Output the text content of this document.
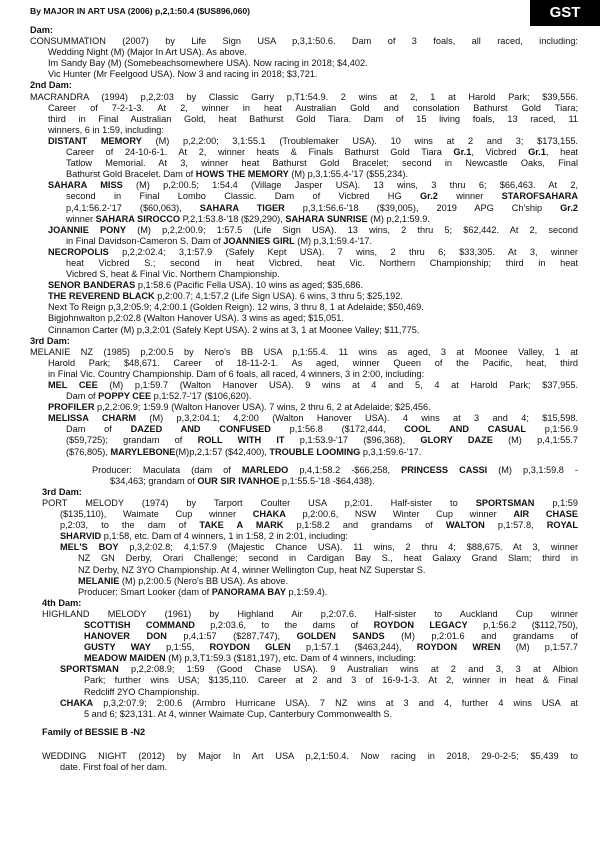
By MAJOR IN ART USA (2006) p,2,1:50.4 ($US896,060)	GST
Dam:
CONSUMMATION (2007) by Life Sign USA p,3,1:50.6. Dam of 3 foals, all raced, including:
Wedding Night (M) (Major In Art USA). As above.
Im Sandy Bay (M) (Somebeachsomewhere USA). Now racing in 2018; $4,402.
Vic Hunter (Mr Feelgood USA). Now 3 and racing in 2018; $3,721.
2nd Dam:
MACRANDRA (1994) p,2,2:03 by Classic Garry p,T1:54.9. 2 wins at 2, 1 at Harold Park; $39,556.
Career of 7-2-1-3. At 2, winner in heat Australian Gold and consolation Bathurst Gold Tiara;
third in Final Australian Gold, heat Bathurst Gold Tiara. Dam of 15 living foals, 13 raced, 11
winners, 6 in 1:59, including:
DISTANT MEMORY (M) p,2,2:00; 3,1:55.1 (Troublemaker USA). 10 wins at 2 and 3; $173,155.
Career of 24-10-6-1. At 2, winner heats & Finals Bathurst Gold Tiara Gr.1, Vicbred Gr.1, heat
Tatlow Memorial. At 3, winner heat Bathurst Gold Bracelet; second in Newcastle Oaks, Final
Bathurst Gold Bracelet. Dam of HOWS THE MEMORY (M) p,3,1:55.4-'17 ($55,234).
SAHARA MISS (M) p,2:00.5; 1:54.4 (Village Jasper USA). 13 wins, 3 thru 6; $66,463. At 2,
second in Final Lombo Classic. Dam of Vicbred HG Gr.2 winner STAROFSAHARA
p,4,1:56.2-'17 ($60,063), SAHARA TIGER p,3,1:56.6-'18 ($39,005), 2019 APG Ch'ship Gr.2
winner SAHARA SIROCCO P,2,1:53.8-'18 ($29,290), SAHARA SUNRISE (M) p,2,1:59.9.
JOANNIE PONY (M) p,2,2:00.9; 1:57.5 (Life Sign USA). 13 wins, 2 thru 5; $62,442. At 2, second
in Final Davidson-Cameron S. Dam of JOANNIES GIRL (M) p,3,1:59.4-'17.
NECROPOLIS p,2,2:02.4; 3,1:57.9 (Safely Kept USA). 7 wins, 2 thru 6; $33,305. At 3, winner
heat Vicbred S.; second in heat Vicbred, heat Vic. Northern Championship; third in heat
Vicbred S, heat & Final Vic. Northern Championship.
SENOR BANDERAS p,1:58.6 (Pacific Fella USA). 10 wins as aged; $35,686.
THE REVEREND BLACK p,2:00.7; 4,1:57.2 (Life Sign USA). 6 wins, 3 thru 5; $25,192.
Next To Reign p,3,2:05.9; 4,2:00.1 (Golden Reign). 12 wins, 3 thru 8, 1 at Adelaide; $50,469.
Bigjohnwalton p,2:02.8 (Walton Hanover USA). 3 wins as aged; $15,051.
Cinnamon Carter (M) p,3,2:01 (Safely Kept USA). 2 wins at 3, 1 at Moonee Valley; $11,775.
3rd Dam:
MELANIE NZ (1985) p,2:00.5 by Nero's BB USA p,1:55.4. 11 wins as aged, 3 at Moonee Valley, 1 at
Harold Park; $48,671. Career of 18-11-2-1. As aged, winner Queen of the Pacific, heat, third
in Final Vic. Country Championship. Dam of 6 foals, all raced, 4 winners, 3 in 2:00, including:
MEL CEE (M) p,1:59.7 (Walton Hanover USA). 9 wins at 4 and 5, 4 at Harold Park; $37,955.
Dam of POPPY CEE p,1:52.7-'17 ($106,620).
PROFILER p,2,2:06.9; 1:59.9 (Walton Hanover USA). 7 wins, 2 thru 6, 2 at Adelaide; $25,456.
MELISSA CHARM (M) p,3,2:04.1; 4,2:00 (Walton Hanover USA). 4 wins at 3 and 4; $15,598.
Dam of DAZED AND CONFUSED p,1:56.8 ($172,444, COOL AND CASUAL p,1:56.9
($59,725); grandam of ROLL WITH IT p,1:53.9-'17 ($96,368), GLORY DAZE (M) p,4,1:55.7
($76,805), MARYLEBONE(M)p,2,1:57 ($42,400), TROUBLE LOOMING p,3,1:59.6-'17.
Producer: Maculata (dam of MARLEDO p,4,1:58.2 -$66,258, PRINCESS CASSI (M) p,3,1:59.8 -
$34,463; grandam of OUR SIR IVANHOE p,1:55.5-'18 -$64,438).
3rd Dam:
PORT MELODY (1974) by Tarport Coulter USA p,2:01. Half-sister to SPORTSMAN p,1:59
($135,110), Waimate Cup winner CHAKA p,2:00.6, NSW Winter Cup winner AIR CHASE
p,2:03, to the dam of TAKE A MARK p,1:58.2 and grandams of WALTON p,1:57.8, ROYAL
SHARVID p,1:58, etc. Dam of 4 winners, 1 in 1:58, 2 in 2:01, including:
MEL'S BOY p,3,2:02.8; 4,1:57.9 (Majestic Chance USA). 11 wins, 2 thru 4; $88,675. At 3, winner
NZ GN Derby, Orari Challenge; second in Cardigan Bay S., heat Galaxy Grand Slam; third in
NZ Derby, NZ 3YO Championship. At 4, winner Wellington Cup, heat NZ Superstar S.
MELANIE (M) p,2:00.5 (Nero's BB USA). As above.
Producer: Smart Looker (dam of PANORAMA BAY p,1:59.4).
4th Dam:
HIGHLAND MELODY (1961) by Highland Air p,2:07.6. Half-sister to Auckland Cup winner
SCOTTISH COMMAND p,2:03.6, to the dams of ROYDON LEGACY p,1:56.2 ($112,750),
HANOVER DON p,4,1:57 ($287,747), GOLDEN SANDS (M) p,2:01.6 and grandams of
GUSTY WAY p,1:55, ROYDON GLEN p,1:57.1 ($463,244), ROYDON WREN (M) p,1:57.7
MEADOW MAIDEN (M) p,3,T1:59.3 ($181,197), etc. Dam of 4 winners, including:
SPORTSMAN p,2,2:08.9; 1:59 (Good Chase USA). 9 Australian wins at 2 and 3, 3 at Albion
Park; further wins USA; $135,110. Career at 2 and 3 of 16-9-1-3. At 2, winner in heat & Final
Redcliff 2YO Championship.
CHAKA p,3,2:07.9; 2:00.6 (Armbro Hurricane USA). 7 NZ wins at 3 and 4, further 4 wins USA at
5 and 6; $23,131. At 4, winner Waimate Cup, Canterbury Commonwealth S.
Family of BESSIE B -N2
WEDDING NIGHT (2012) by Major In Art USA p,2,1:50.4. Now racing in 2018, 29-0-2-5; $5,439 to
date. First foal of her dam.
